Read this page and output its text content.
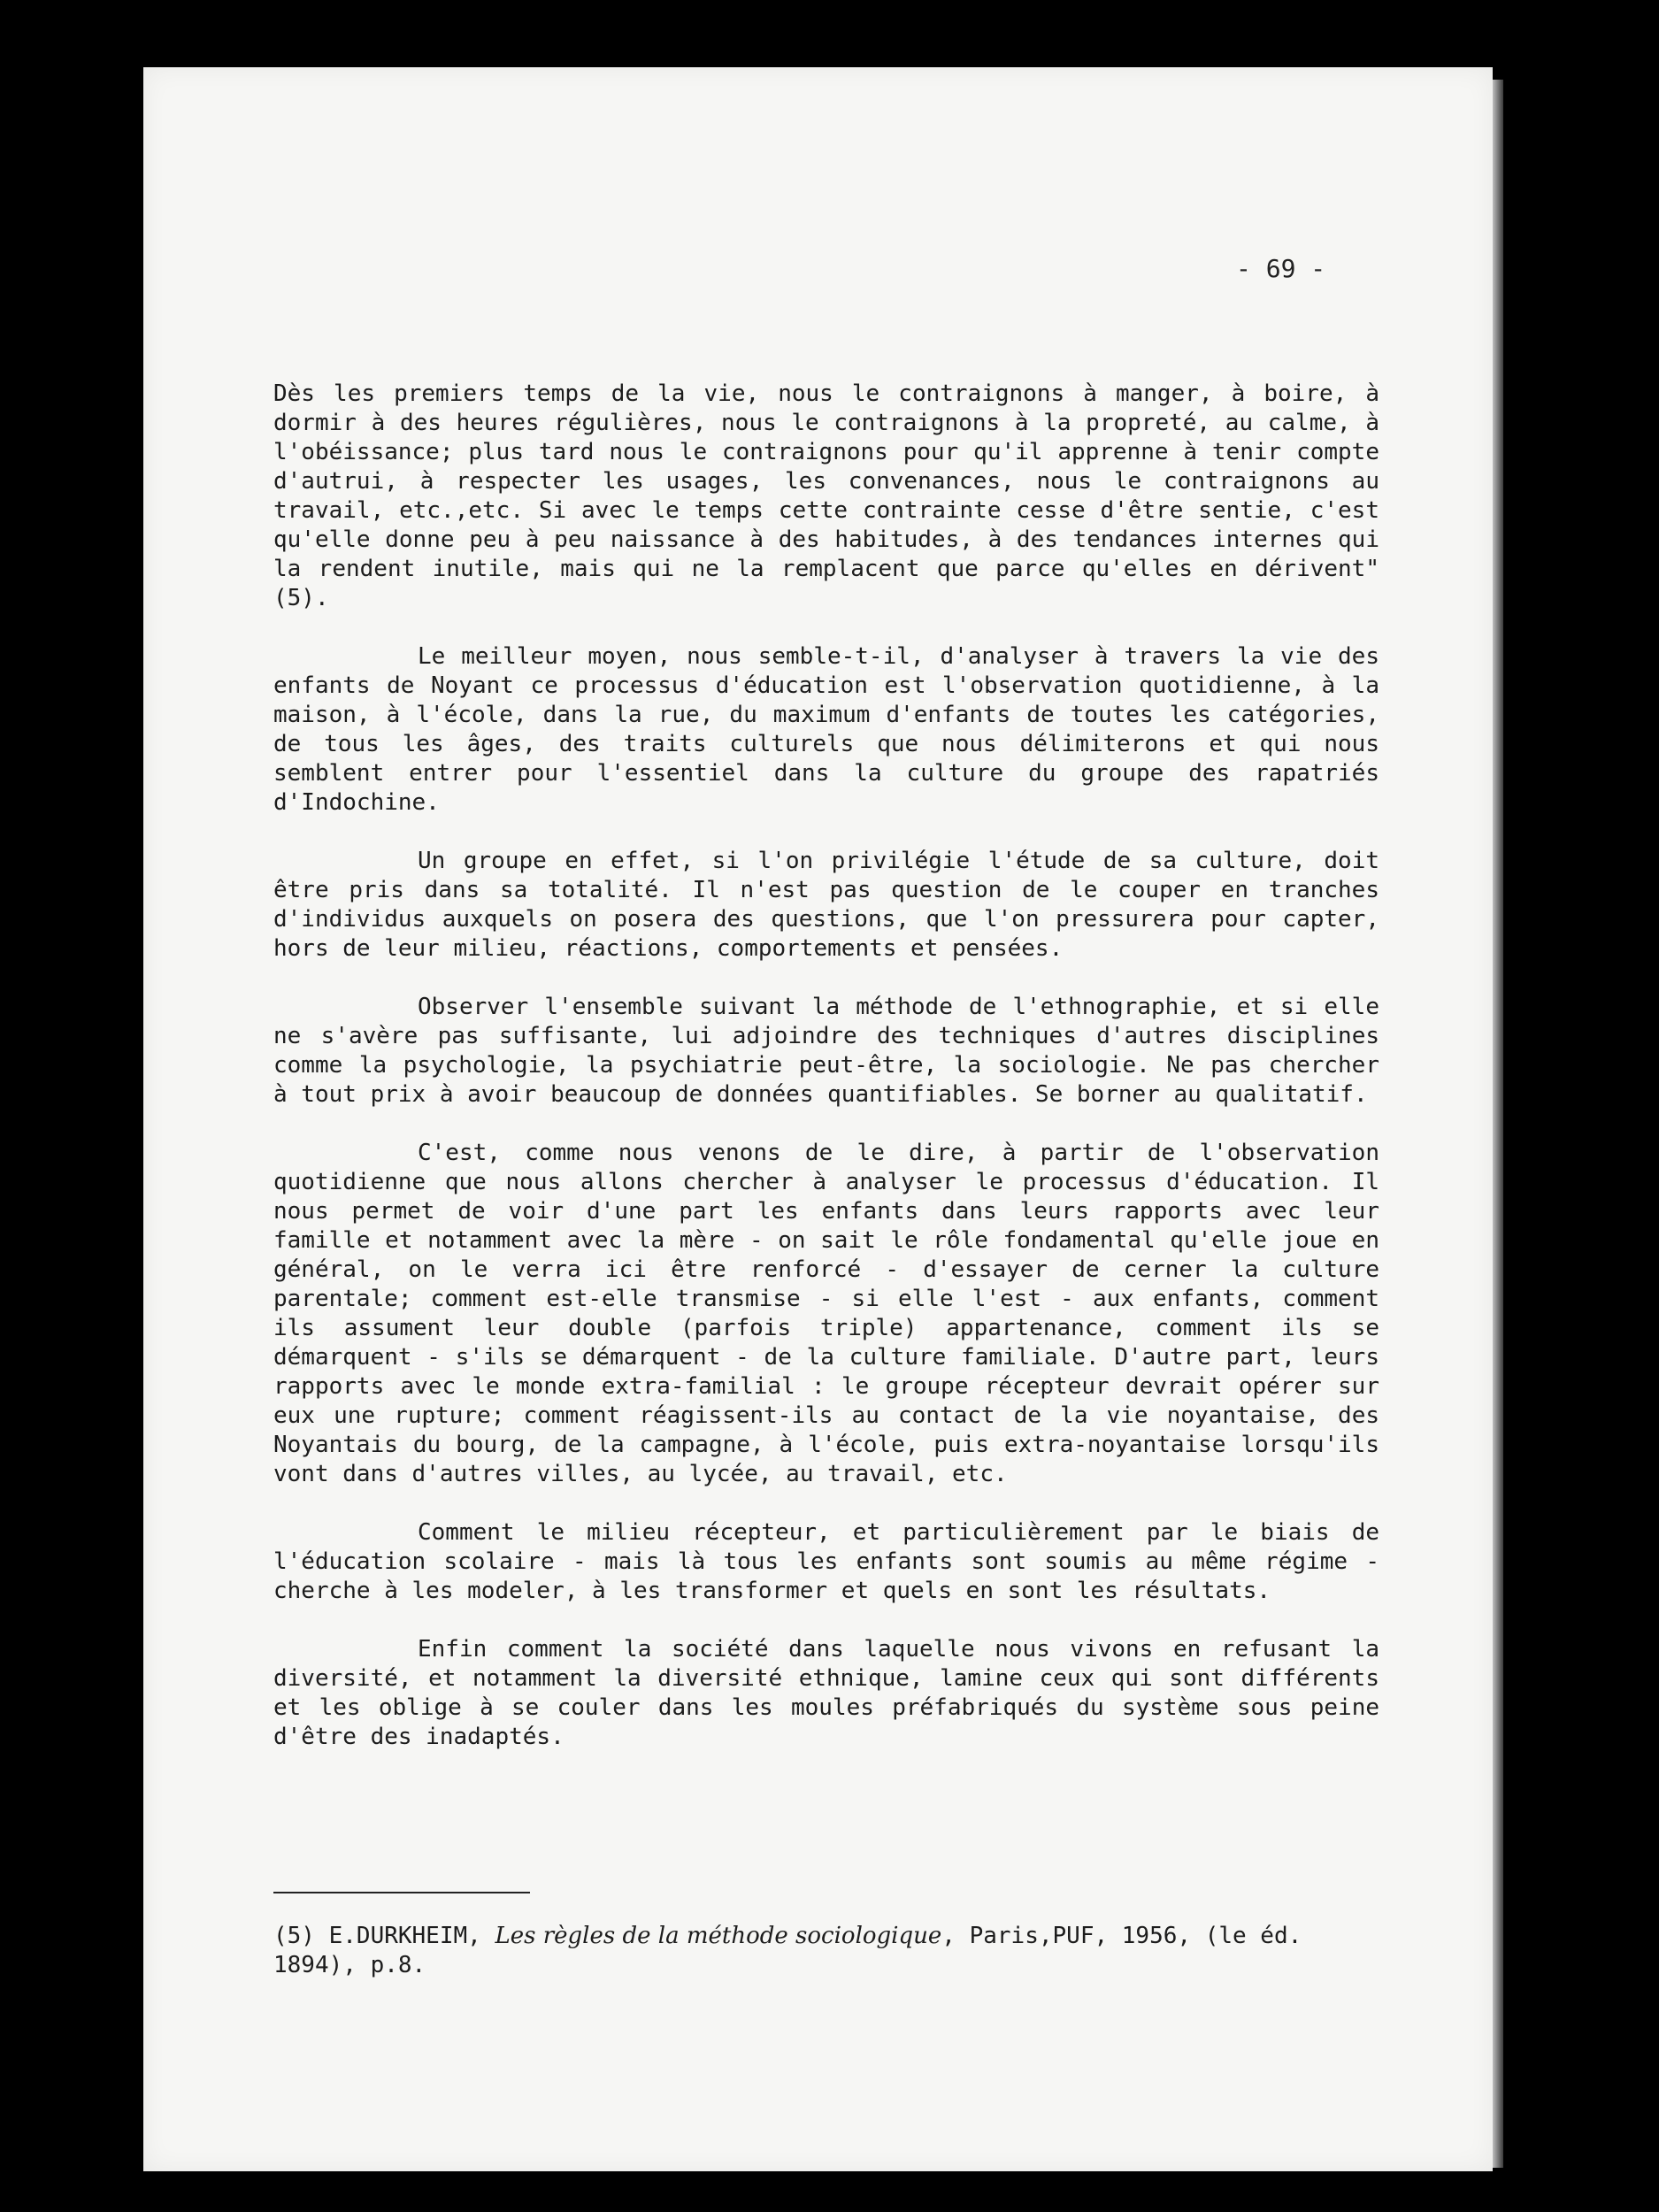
- 69 -

Dès les premiers temps de la vie, nous le contraignons à manger, à boire, à dormir à des heures régulières, nous le contraignons à la propreté, au calme, à l'obéissance; plus tard nous le contraignons pour qu'il apprenne à tenir compte d'autrui, à respecter les usages, les convenances, nous le contraignons au travail, etc.,etc. Si avec le temps cette contrainte cesse d'être sentie, c'est qu'elle donne peu à peu naissance à des habitudes, à des tendances internes qui la rendent inutile, mais qui ne la remplacent que parce qu'elles en dérivent" (5).

Le meilleur moyen, nous semble-t-il, d'analyser à travers la vie des enfants de Noyant ce processus d'éducation est l'observation quotidienne, à la maison, à l'école, dans la rue, du maximum d'enfants de toutes les catégories, de tous les âges, des traits culturels que nous délimiterons et qui nous semblent entrer pour l'essentiel dans la culture du groupe des rapatriés d'Indochine.

Un groupe en effet, si l'on privilégie l'étude de sa culture, doit être pris dans sa totalité. Il n'est pas question de le couper en tranches d'individus auxquels on posera des questions, que l'on pressurera pour capter, hors de leur milieu, réactions, comportements et pensées.

Observer l'ensemble suivant la méthode de l'ethnographie, et si elle ne s'avère pas suffisante, lui adjoindre des techniques d'autres disciplines comme la psychologie, la psychiatrie peut-être, la sociologie. Ne pas chercher à tout prix à avoir beaucoup de données quantifiables. Se borner au qualitatif.

C'est, comme nous venons de le dire, à partir de l'observation quotidienne que nous allons chercher à analyser le processus d'éducation. Il nous permet de voir d'une part les enfants dans leurs rapports avec leur famille et notamment avec la mère - on sait le rôle fondamental qu'elle joue en général, on le verra ici être renforcé - d'essayer de cerner la culture parentale; comment est-elle transmise - si elle l'est - aux enfants, comment ils assument leur double (parfois triple) appartenance, comment ils se démarquent - s'ils se démarquent - de la culture familiale. D'autre part, leurs rapports avec le monde extra-familial : le groupe récepteur devrait opérer sur eux une rupture; comment réagissent-ils au contact de la vie noyantaise, des Noyantais du bourg, de la campagne, à l'école, puis extra-noyantaise lorsqu'ils vont dans d'autres villes, au lycée, au travail, etc.

Comment le milieu récepteur, et particulièrement par le biais de l'éducation scolaire - mais là tous les enfants sont soumis au même régime - cherche à les modeler, à les transformer et quels en sont les résultats.

Enfin comment la société dans laquelle nous vivons en refusant la diversité, et notamment la diversité ethnique, lamine ceux qui sont différents et les oblige à se couler dans les moules préfabriqués du système sous peine d'être des inadaptés.

(5) E.DURKHEIM, Les règles de la méthode sociologique, Paris,PUF, 1956, (le éd. 1894), p.8.
